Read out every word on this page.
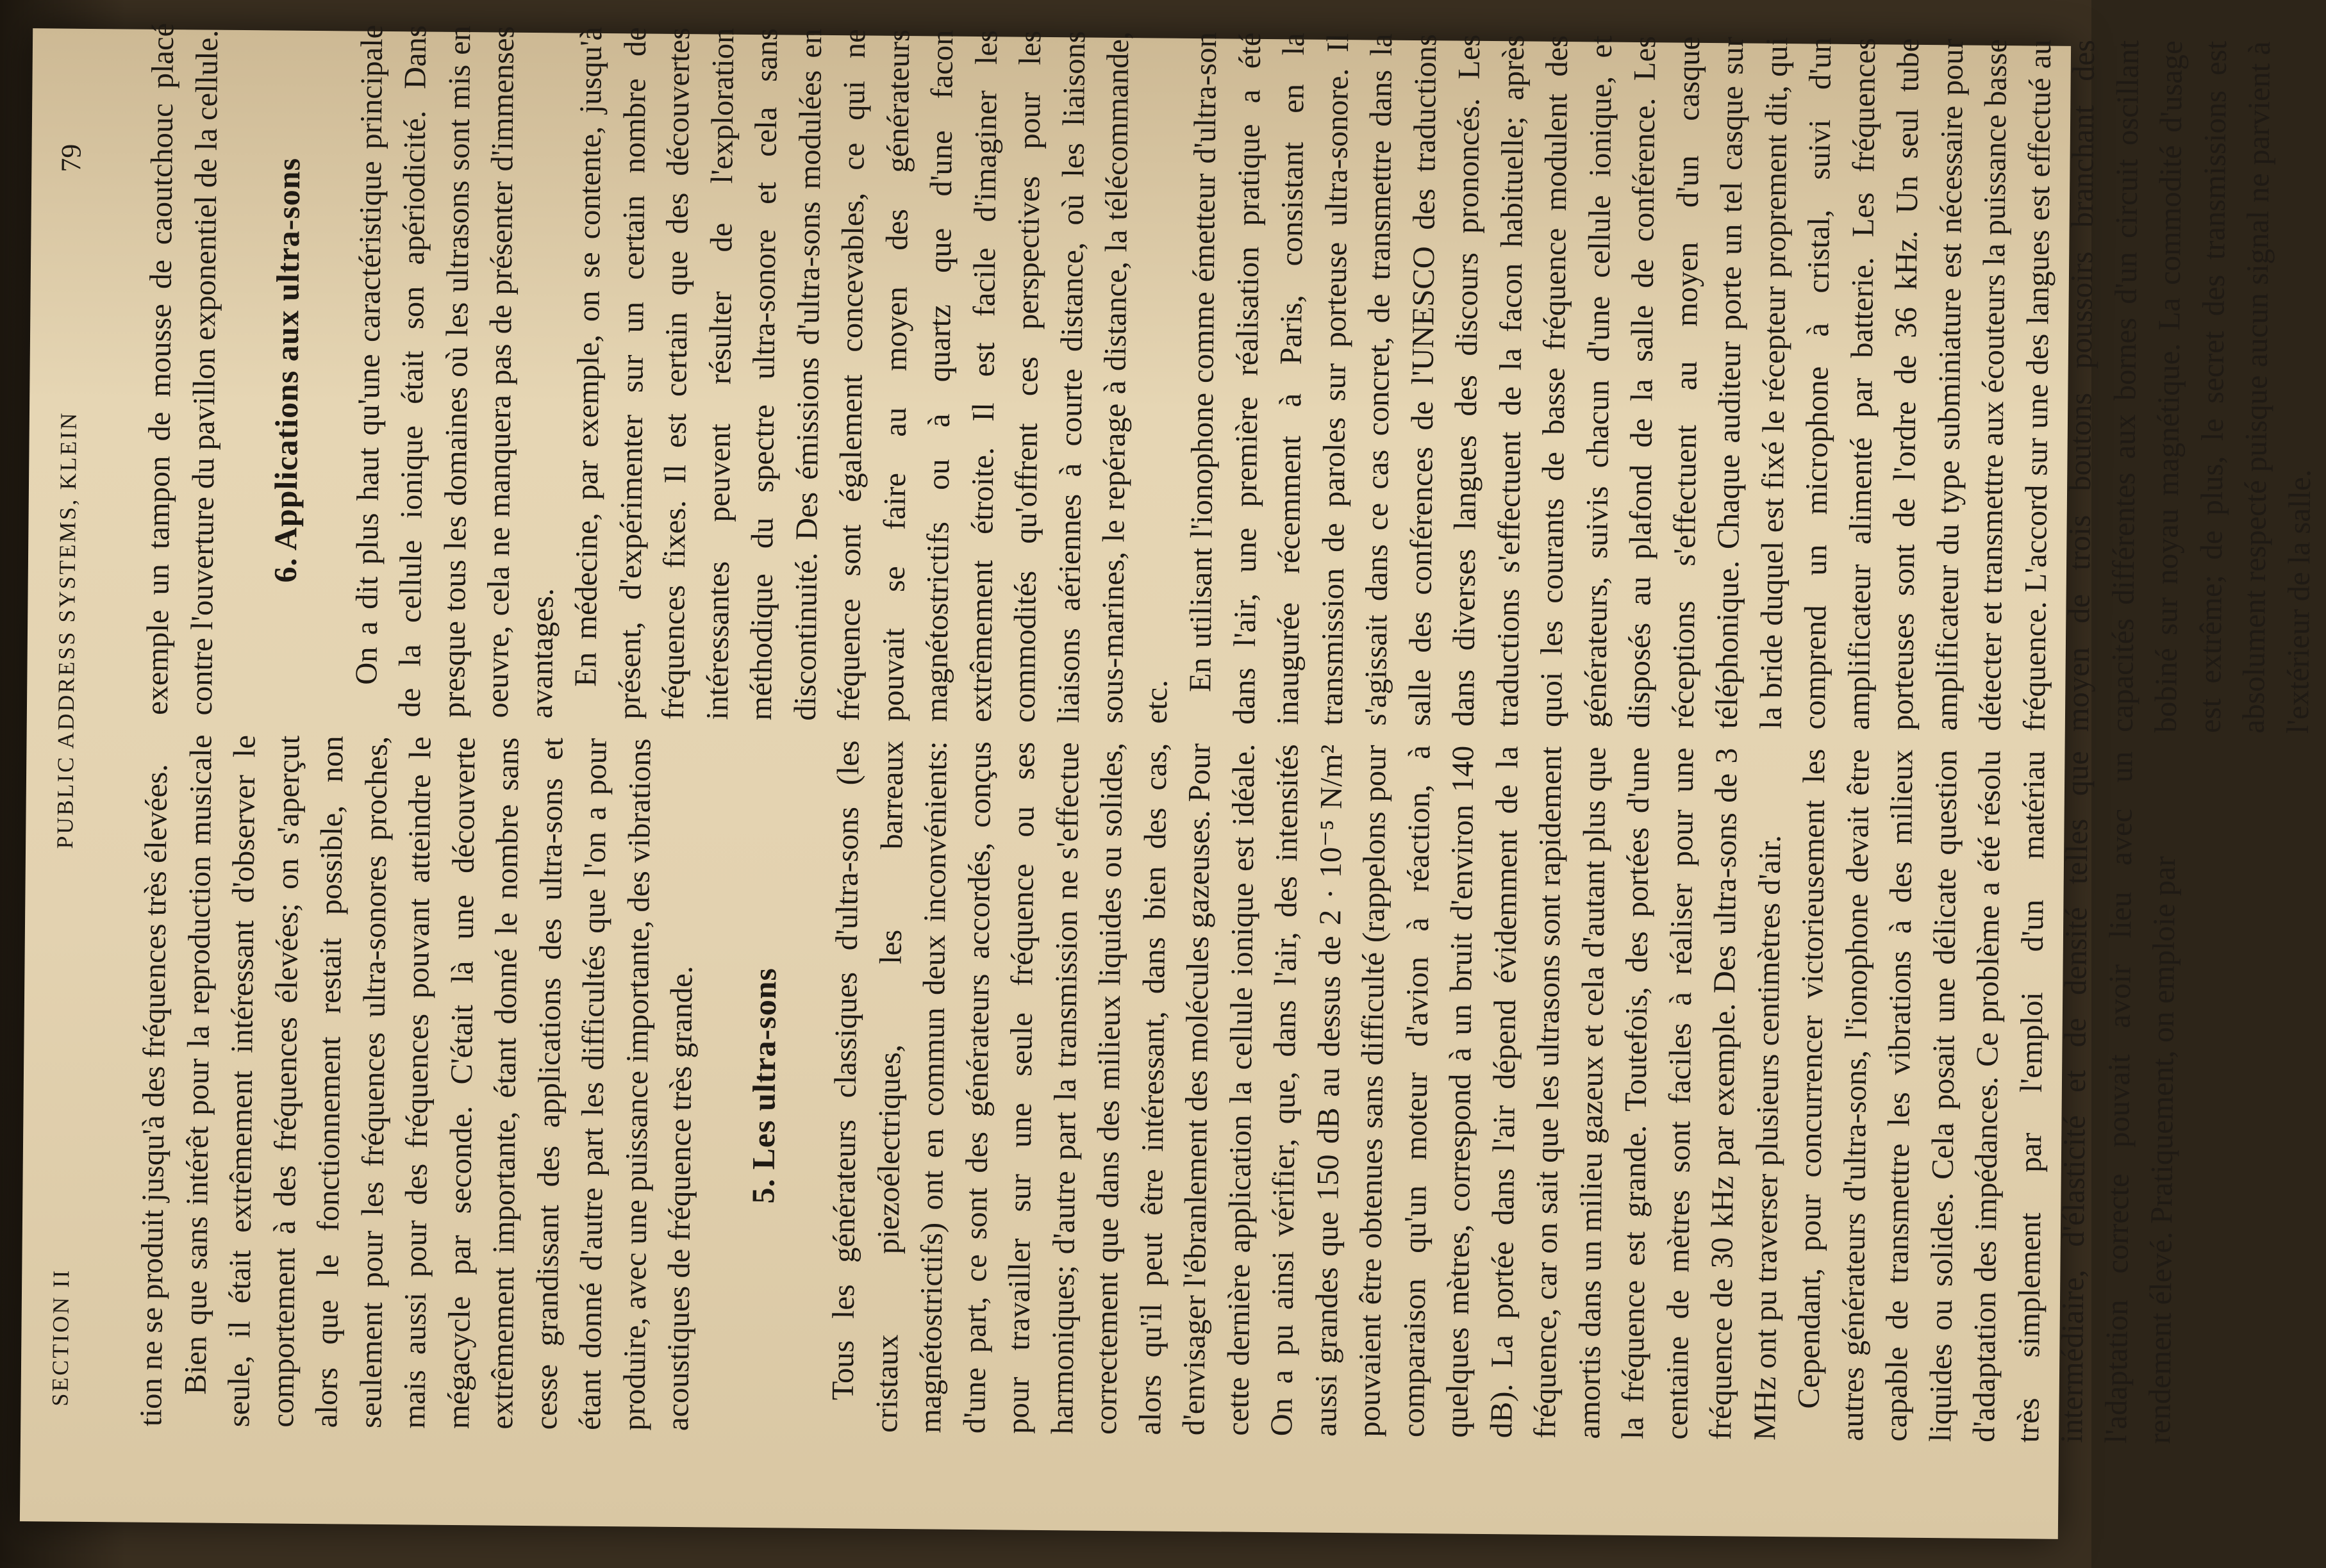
SECTION II
PUBLIC ADDRESS SYSTEMS, KLEIN
79

tion ne se produit jusqu'à des fréquences très élevées. Bien que sans intérêt pour la reproduction musicale seule, il était extrêmement intéressant d'observer le comportement à des fréquences élevées; on s'aperçut alors que le fonctionnement restait possible, non seulement pour les fréquences ultra-sonores proches, mais aussi pour des fréquences pouvant atteindre le mégacycle par seconde. C'était là une découverte extrêmement importante, étant donné le nombre sans cesse grandissant des applications des ultra-sons et étant donné d'autre part les difficultés que l'on a pour produire, avec une puissance importante, des vibrations acoustiques de fréquence très grande. 5. Les ultra-sons Tous les générateurs classiques d'ultra-sons (les cristaux piezoélectriques, les barreaux magnétostrictifs) ont en commun deux inconvénients: d'une part, ce sont des générateurs accordés, conçus pour travailler sur une seule fréquence ou ses harmoniques; d'autre part la transmission ne s'effectue correctement que dans des milieux liquides ou solides, alors qu'il peut être intéressant, dans bien des cas, d'envisager l'ébranlement des molécules gazeuses. Pour cette dernière application la cellule ionique est idéale. On a pu ainsi vérifier, que, dans l'air, des intensités aussi grandes que 150 dB au dessus de 2 · 10⁻⁵ N/m² pouvaient être obtenues sans difficulté (rappelons pour comparaison qu'un moteur d'avion à réaction, à quelques mètres, correspond à un bruit d'environ 140 dB). La portée dans l'air dépend évidemment de la fréquence, car on sait que les ultrasons sont rapidement amortis dans un milieu gazeux et cela d'autant plus que la fréquence est grande. Toutefois, des portées d'une centaine de mètres sont faciles à réaliser pour une fréquence de 30 kHz par exemple. Des ultra-sons de 3 MHz ont pu traverser plusieurs centimètres d'air. Cependant, pour concurrencer victorieusement les autres générateurs d'ultra-sons, l'ionophone devait être capable de transmettre les vibrations à des milieux liquides ou solides. Cela posait une délicate question d'adaptation des impédances. Ce problème a été résolu très simplement par l'emploi d'un matériau intermédiaire, d'élasticité et de densité telles que l'adaptation correcte pouvait avoir lieu avec un rendement élevé. Pratiquement, on emploie par

exemple un tampon de mousse de caoutchouc placé contre l'ouverture du pavillon exponentiel de la cellule. 6. Applications aux ultra-sons On a dit plus haut qu'une caractéristique principale de la cellule ionique était son apériodicité. Dans presque tous les domaines où les ultrasons sont mis en oeuvre, cela ne manquera pas de présenter d'immenses avantages. En médecine, par exemple, on se contente, jusqu'à présent, d'expérimenter sur un certain nombre de fréquences fixes. Il est certain que des découvertes intéressantes peuvent résulter de l'exploration méthodique du spectre ultra-sonore et cela sans discontinuité. Des émissions d'ultra-sons modulées en fréquence sont également concevables, ce qui ne pouvait se faire au moyen des générateurs magnétostrictifs ou à quartz que d'une facon extrêmement étroite. Il est facile d'imaginer les commodités qu'offrent ces perspectives pour les liaisons aériennes à courte distance, où les liaisons sous-marines, le repérage à distance, la télécommande, etc.

En utilisant l'ionophone comme émetteur d'ultra-son dans l'air, une première réalisation pratique a été inaugurée récemment à Paris, consistant en la transmission de paroles sur porteuse ultra-sonore. Il s'agissait dans ce cas concret, de transmettre dans la salle des conférences de l'UNESCO des traductions dans diverses langues des discours prononcés. Les traductions s'effectuent de la facon habituelle; après quoi les courants de basse fréquence modulent des générateurs, suivis chacun d'une cellule ionique, et disposés au plafond de la salle de conférence. Les réceptions s'effectuent au moyen d'un casque téléphonique. Chaque auditeur porte un tel casque sur la bride duquel est fixé le récepteur proprement dit, qui comprend un microphone à cristal, suivi d'un amplificateur alimenté par batterie. Les fréquences porteuses sont de l'ordre de 36 kHz. Un seul tube amplificateur du type subminiature est nécessaire pour détecter et transmettre aux écouteurs la puissance basse fréquence. L'accord sur une des langues est effectué au moyen de trois boutons poussoirs branchant des capacités différentes aux bornes d'un circuit oscillant bobiné sur noyau magnétique. La commodité d'usage est extrême; de plus, le secret des transmissions est absolument respecté puisque aucun signal ne parvient à l'extérieur de la salle.
